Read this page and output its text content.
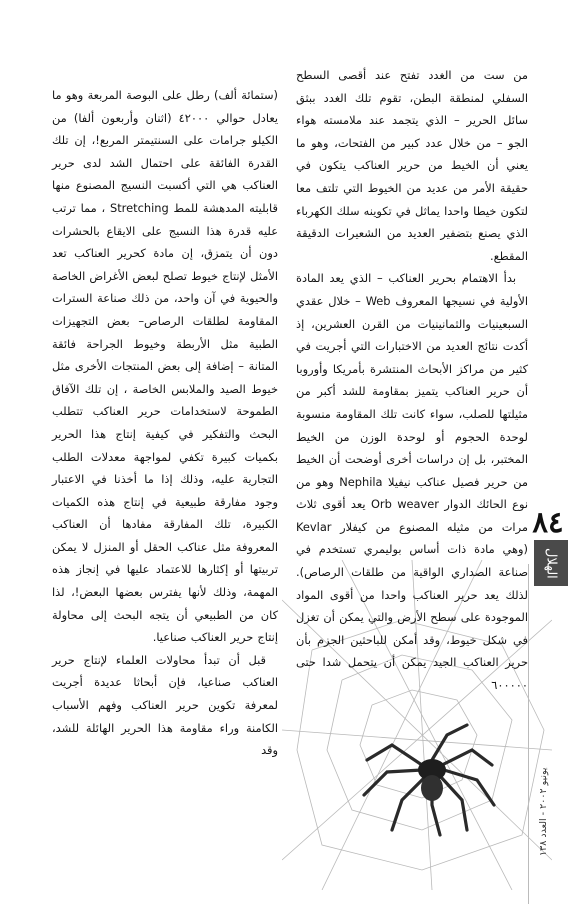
من ست من الغدد تفتح عند أقصى السطح السفلي لمنطقة البطن، تقوم تلك الغدد ببثق سائل الحرير – الذي يتجمد عند ملامسته هواء الجو – من خلال عدد كبير من الفتحات، وهو ما يعني أن الخيط من حرير العناكب يتكون في حقيقة الأمر من عديد من الخيوط التي تلتف معا لتكون خيطا واحدا يماثل في تكوينه سلك الكهرباء الذي يصنع بتضفير العديد من الشعيرات الدقيقة المقطع.

بدأ الاهتمام بحرير العناكب – الذي يعد المادة الأولية في نسيجها المعروف Web – خلال عقدي السبعينيات والثمانينيات من القرن العشرين، إذ أكدت نتائج العديد من الاختبارات التي أجريت في كثير من مراكز الأبحاث المنتشرة بأمريكا وأوروبا أن حرير العناكب يتميز بمقاومة للشد أكبر من مثيلتها للصلب، سواء كانت تلك المقاومة منسوبة لوحدة الحجوم أو لوحدة الوزن من الخيط المختبر، بل إن دراسات أخرى أوضحت أن الخيط من حرير فصيل عناكب نيفيلا Nephila وهو من نوع الحائك الدوار Orb weaver يعد أقوى ثلاث مرات من مثيله المصنوع من كيفلار Kevlar (وهي مادة ذات أساس بوليمري تستخدم في صناعة الصداري الواقية من طلقات الرصاص). لذلك يعد حرير العناكب واحدا من أقوى المواد الموجودة على سطح الأرض والتي يمكن أن تغزل في شكل خيوط، وقد أمكن للباحثين الجزم بأن حرير العناكب الجيد يمكن أن يتحمل شدا حتى ٦٠٠٠٠٠

(ستمائة ألف) رطل على البوصة المربعة وهو ما يعادل حوالي ٤٢٠٠٠ (اثنان وأربعون ألفا) من الكيلو جرامات على السنتيمتر المربع!، إن تلك القدرة الفائقة على احتمال الشد لدى حرير العناكب هي التي أكسبت النسيج المصنوع منها قابليته المدهشة للمط Stretching ، مما ترتب عليه قدرة هذا النسيج على الايقاع بالحشرات دون أن يتمزق، إن مادة كحرير العناكب تعد الأمثل لإنتاج خيوط تصلح لبعض الأغراض الخاصة والحيوية في آن واحد، من ذلك صناعة السترات المقاومة لطلقات الرصاص– بعض التجهيزات الطبية مثل الأربطة وخيوط الجراحة فائقة المتانة – إضافة إلى بعض المنتجات الأخرى مثل خيوط الصيد والملابس الخاصة ، إن تلك الآفاق الطموحة لاستخدامات حرير العناكب تتطلب البحث والتفكير في كيفية إنتاج هذا الحرير بكميات كبيرة تكفي لمواجهة معدلات الطلب التجارية عليه، وذلك إذا ما أخذنا في الاعتبار وجود مفارقة طبيعية في إنتاج هذه الكميات الكبيرة، تلك المفارقة مفادها أن العناكب المعروفة مثل عناكب الحقل أو المنزل لا يمكن تربيتها أو إكثارها للاعتماد عليها في إنجاز هذه المهمة، وذلك لأنها يفترس بعضها البعض!، لذا كان من الطبيعي أن يتجه البحث إلى محاولة إنتاج حرير العناكب صناعيا.

قبل أن تبدأ محاولات العلماء لإنتاج حرير العناكب صناعيا، فإن أبحاثا عديدة أجريت لمعرفة تكوين حرير العناكب وفهم الأسباب الكامنة وراء مقاومة هذا الحرير الهائلة للشد، وقد

٨٤
الهلال
يونيو ٢٠٠٢ - العدد ١٣٨
